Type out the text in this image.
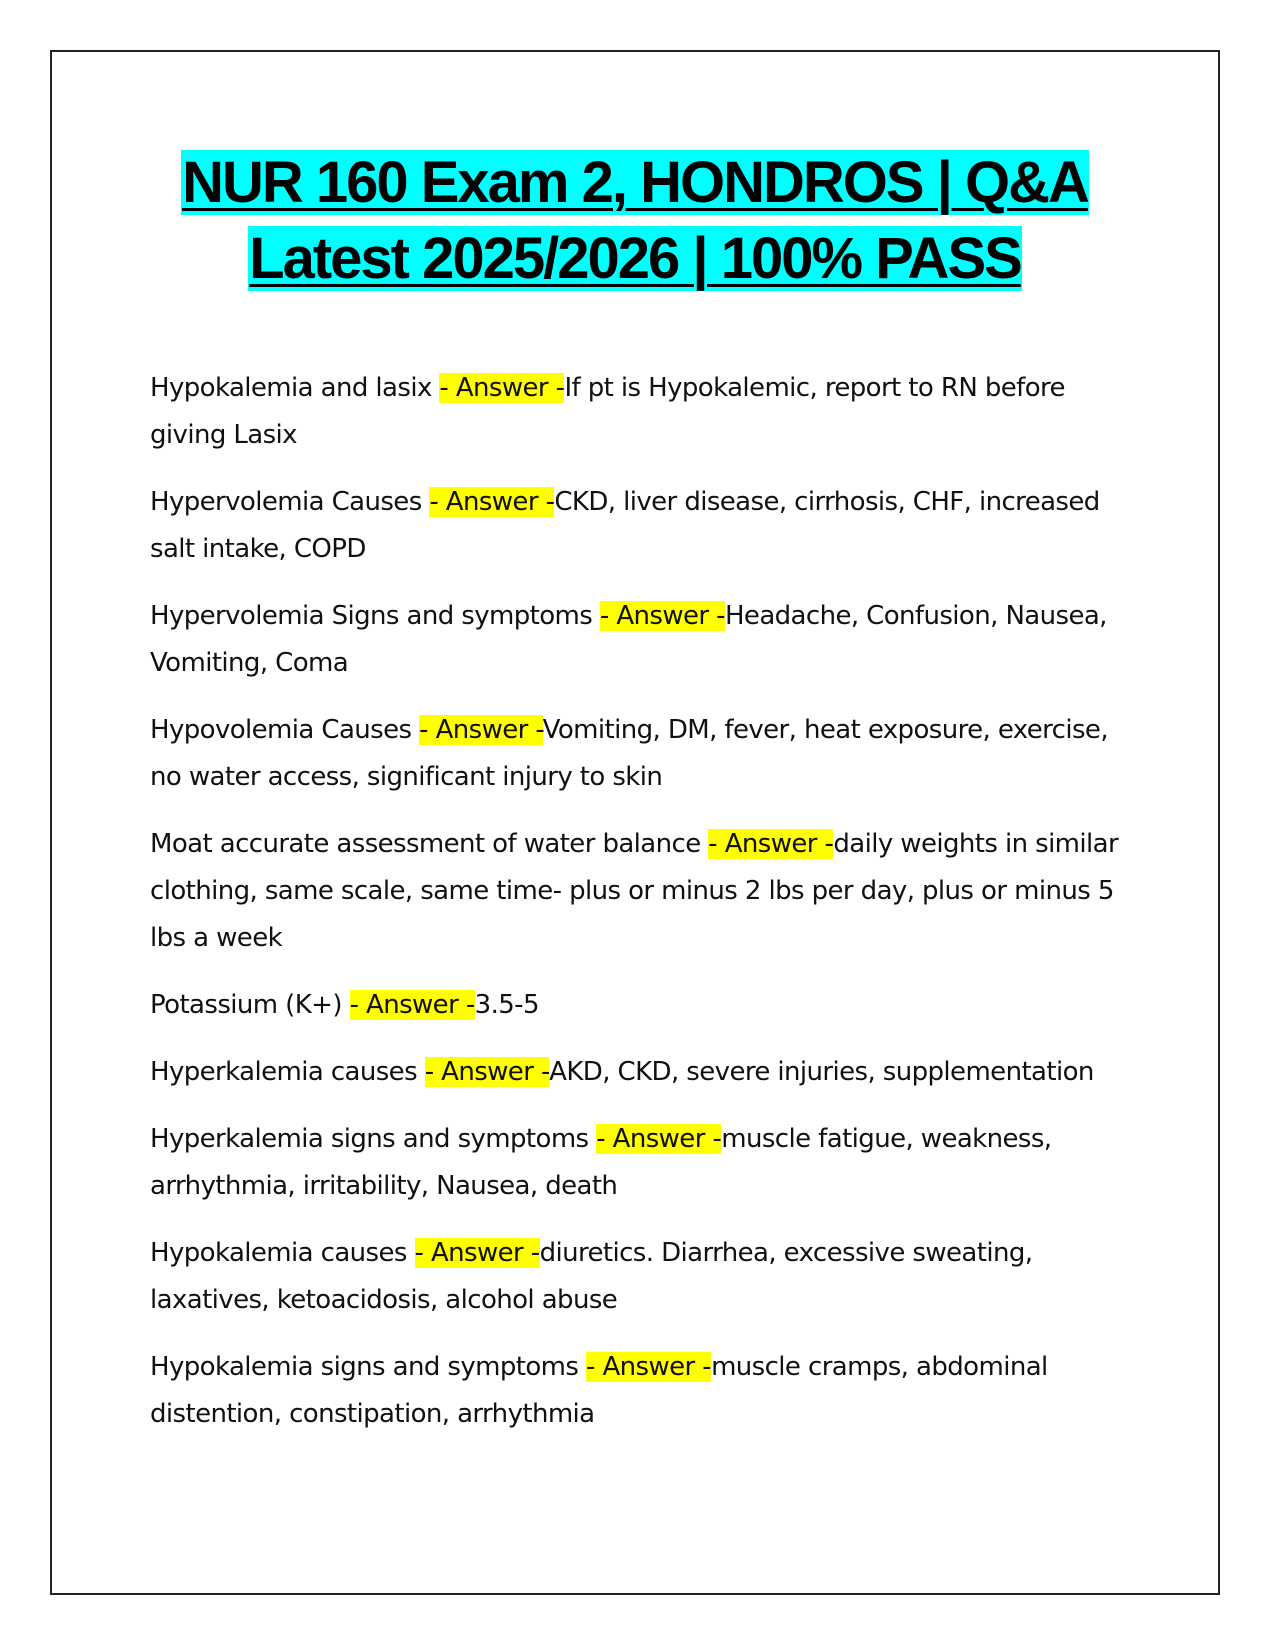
NUR 160 Exam 2, HONDROS | Q&A
Latest 2025/2026 | 100% PASS
Hypokalemia and lasix - Answer -If pt is Hypokalemic, report to RN before giving Lasix
Hypervolemia Causes - Answer -CKD, liver disease, cirrhosis, CHF, increased salt intake, COPD
Hypervolemia Signs and symptoms - Answer -Headache, Confusion, Nausea, Vomiting, Coma
Hypovolemia Causes - Answer -Vomiting, DM, fever, heat exposure, exercise, no water access, significant injury to skin
Moat accurate assessment of water balance - Answer -daily weights in similar clothing, same scale, same time- plus or minus 2 lbs per day, plus or minus 5 lbs a week
Potassium (K+) - Answer -3.5-5
Hyperkalemia causes - Answer -AKD, CKD, severe injuries, supplementation
Hyperkalemia signs and symptoms - Answer -muscle fatigue, weakness, arrhythmia, irritability, Nausea, death
Hypokalemia causes - Answer -diuretics. Diarrhea, excessive sweating, laxatives, ketoacidosis, alcohol abuse
Hypokalemia signs and symptoms - Answer -muscle cramps, abdominal distention, constipation, arrhythmia
